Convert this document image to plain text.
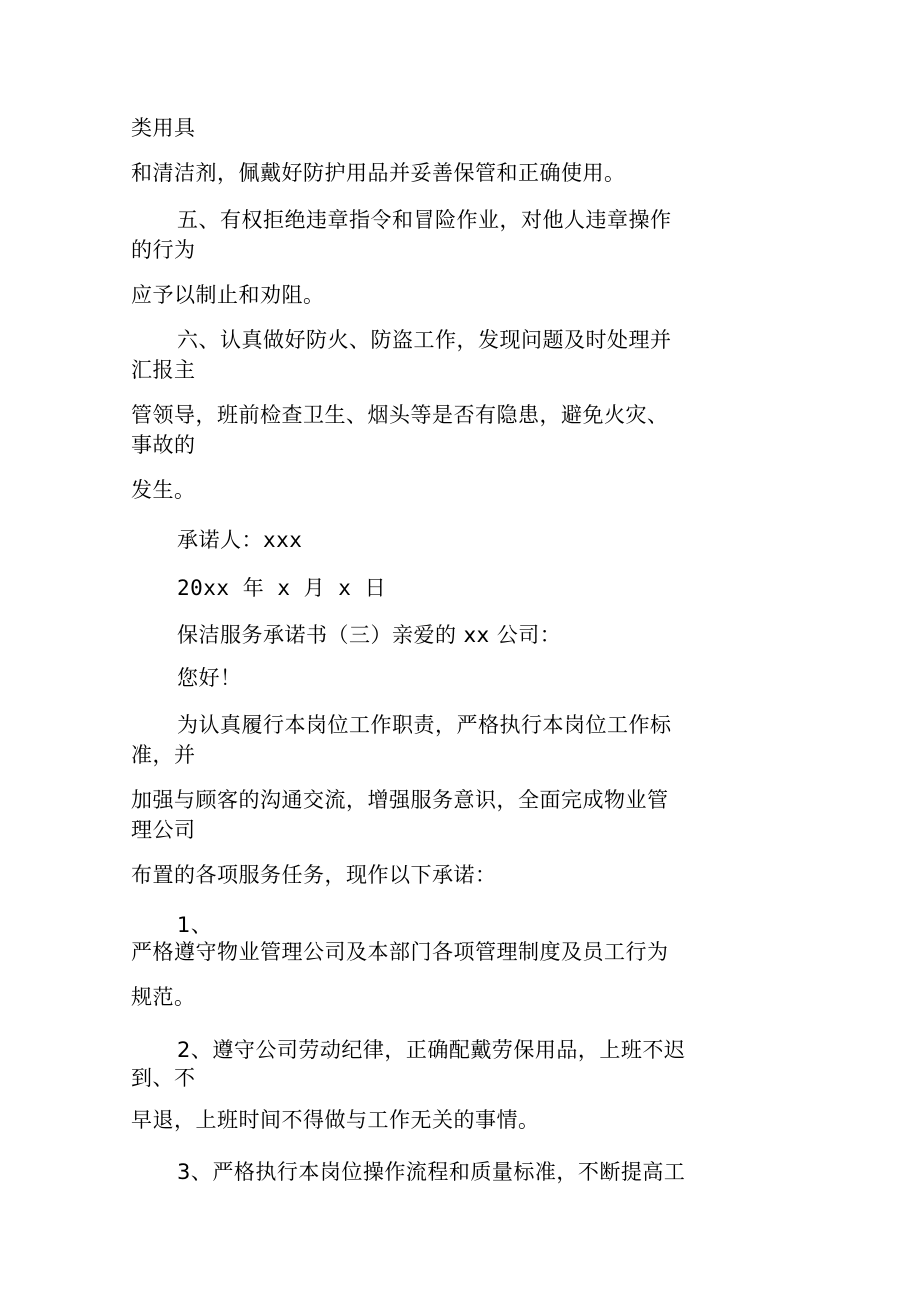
类用具
和清洁剂，佩戴好防护用品并妥善保管和正确使用。
五、有权拒绝违章指令和冒险作业，对他人违章操作
的行为
应予以制止和劝阻。
六、认真做好防火、防盗工作，发现问题及时处理并
汇报主
管领导，班前检查卫生、烟头等是否有隐患，避免火灾、
事故的
发生。
承诺人：xxx
20xx 年 x 月 x 日
保洁服务承诺书（三）亲爱的 xx 公司：
您好！
为认真履行本岗位工作职责，严格执行本岗位工作标
准，并
加强与顾客的沟通交流，增强服务意识，全面完成物业管
理公司
布置的各项服务任务，现作以下承诺：
1、
严格遵守物业管理公司及本部门各项管理制度及员工行为
规范。
2、遵守公司劳动纪律，正确配戴劳保用品，上班不迟
到、不
早退，上班时间不得做与工作无关的事情。
3、严格执行本岗位操作流程和质量标准，不断提高工
